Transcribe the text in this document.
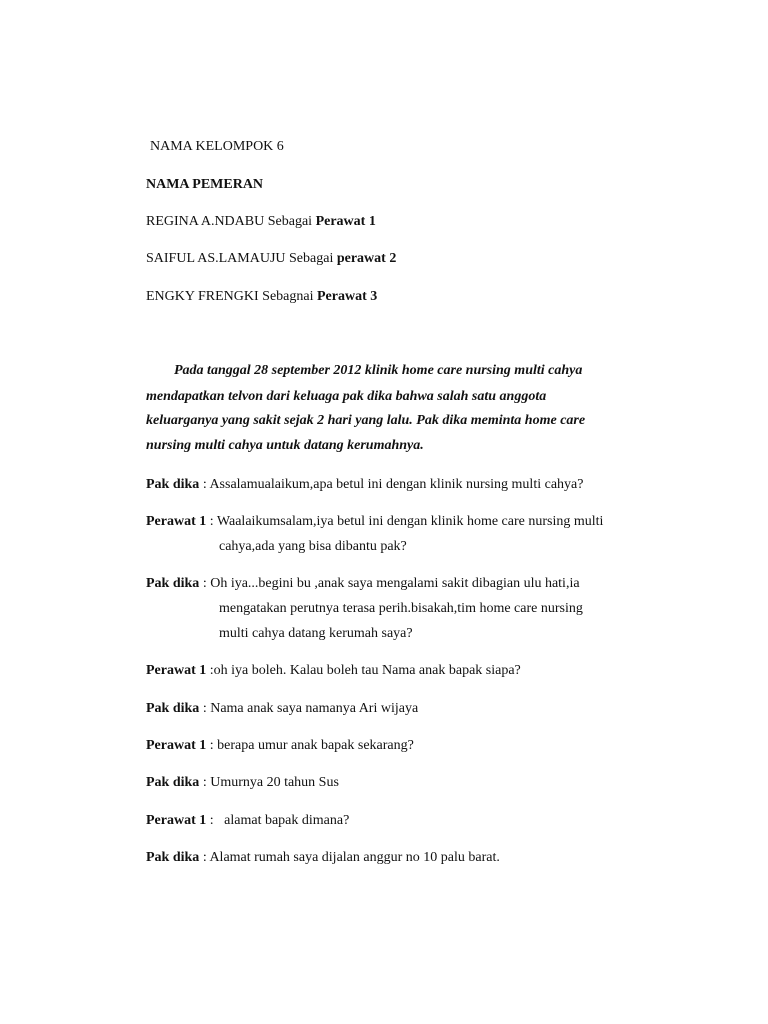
NAMA KELOMPOK 6
NAMA PEMERAN
REGINA A.NDABU Sebagai Perawat 1
SAIFUL AS.LAMAUJU Sebagai perawat 2
ENGKY FRENGKI Sebagnai Perawat 3
Pada tanggal 28 september 2012 klinik home care nursing multi cahya
mendapatkan telvon dari keluaga pak dika bahwa salah satu anggota
keluarganya yang sakit sejak 2 hari yang lalu. Pak dika meminta home care
nursing multi cahya untuk datang kerumahnya.
Pak dika : Assalamualaikum,apa betul ini dengan klinik nursing multi cahya?
Perawat 1 : Waalaikumsalam,iya betul ini dengan klinik home care nursing multi
cahya,ada yang bisa dibantu pak?
Pak dika : Oh iya...begini bu ,anak saya mengalami sakit dibagian ulu hati,ia
mengatakan perutnya terasa perih.bisakah,tim home care nursing
multi cahya datang kerumah saya?
Perawat 1 :oh iya boleh. Kalau boleh tau Nama anak bapak siapa?
Pak dika : Nama anak saya namanya Ari wijaya
Perawat 1 : berapa umur anak bapak sekarang?
Pak dika : Umurnya 20 tahun Sus
Perawat 1 :   alamat bapak dimana?
Pak dika : Alamat rumah saya dijalan anggur no 10 palu barat.
